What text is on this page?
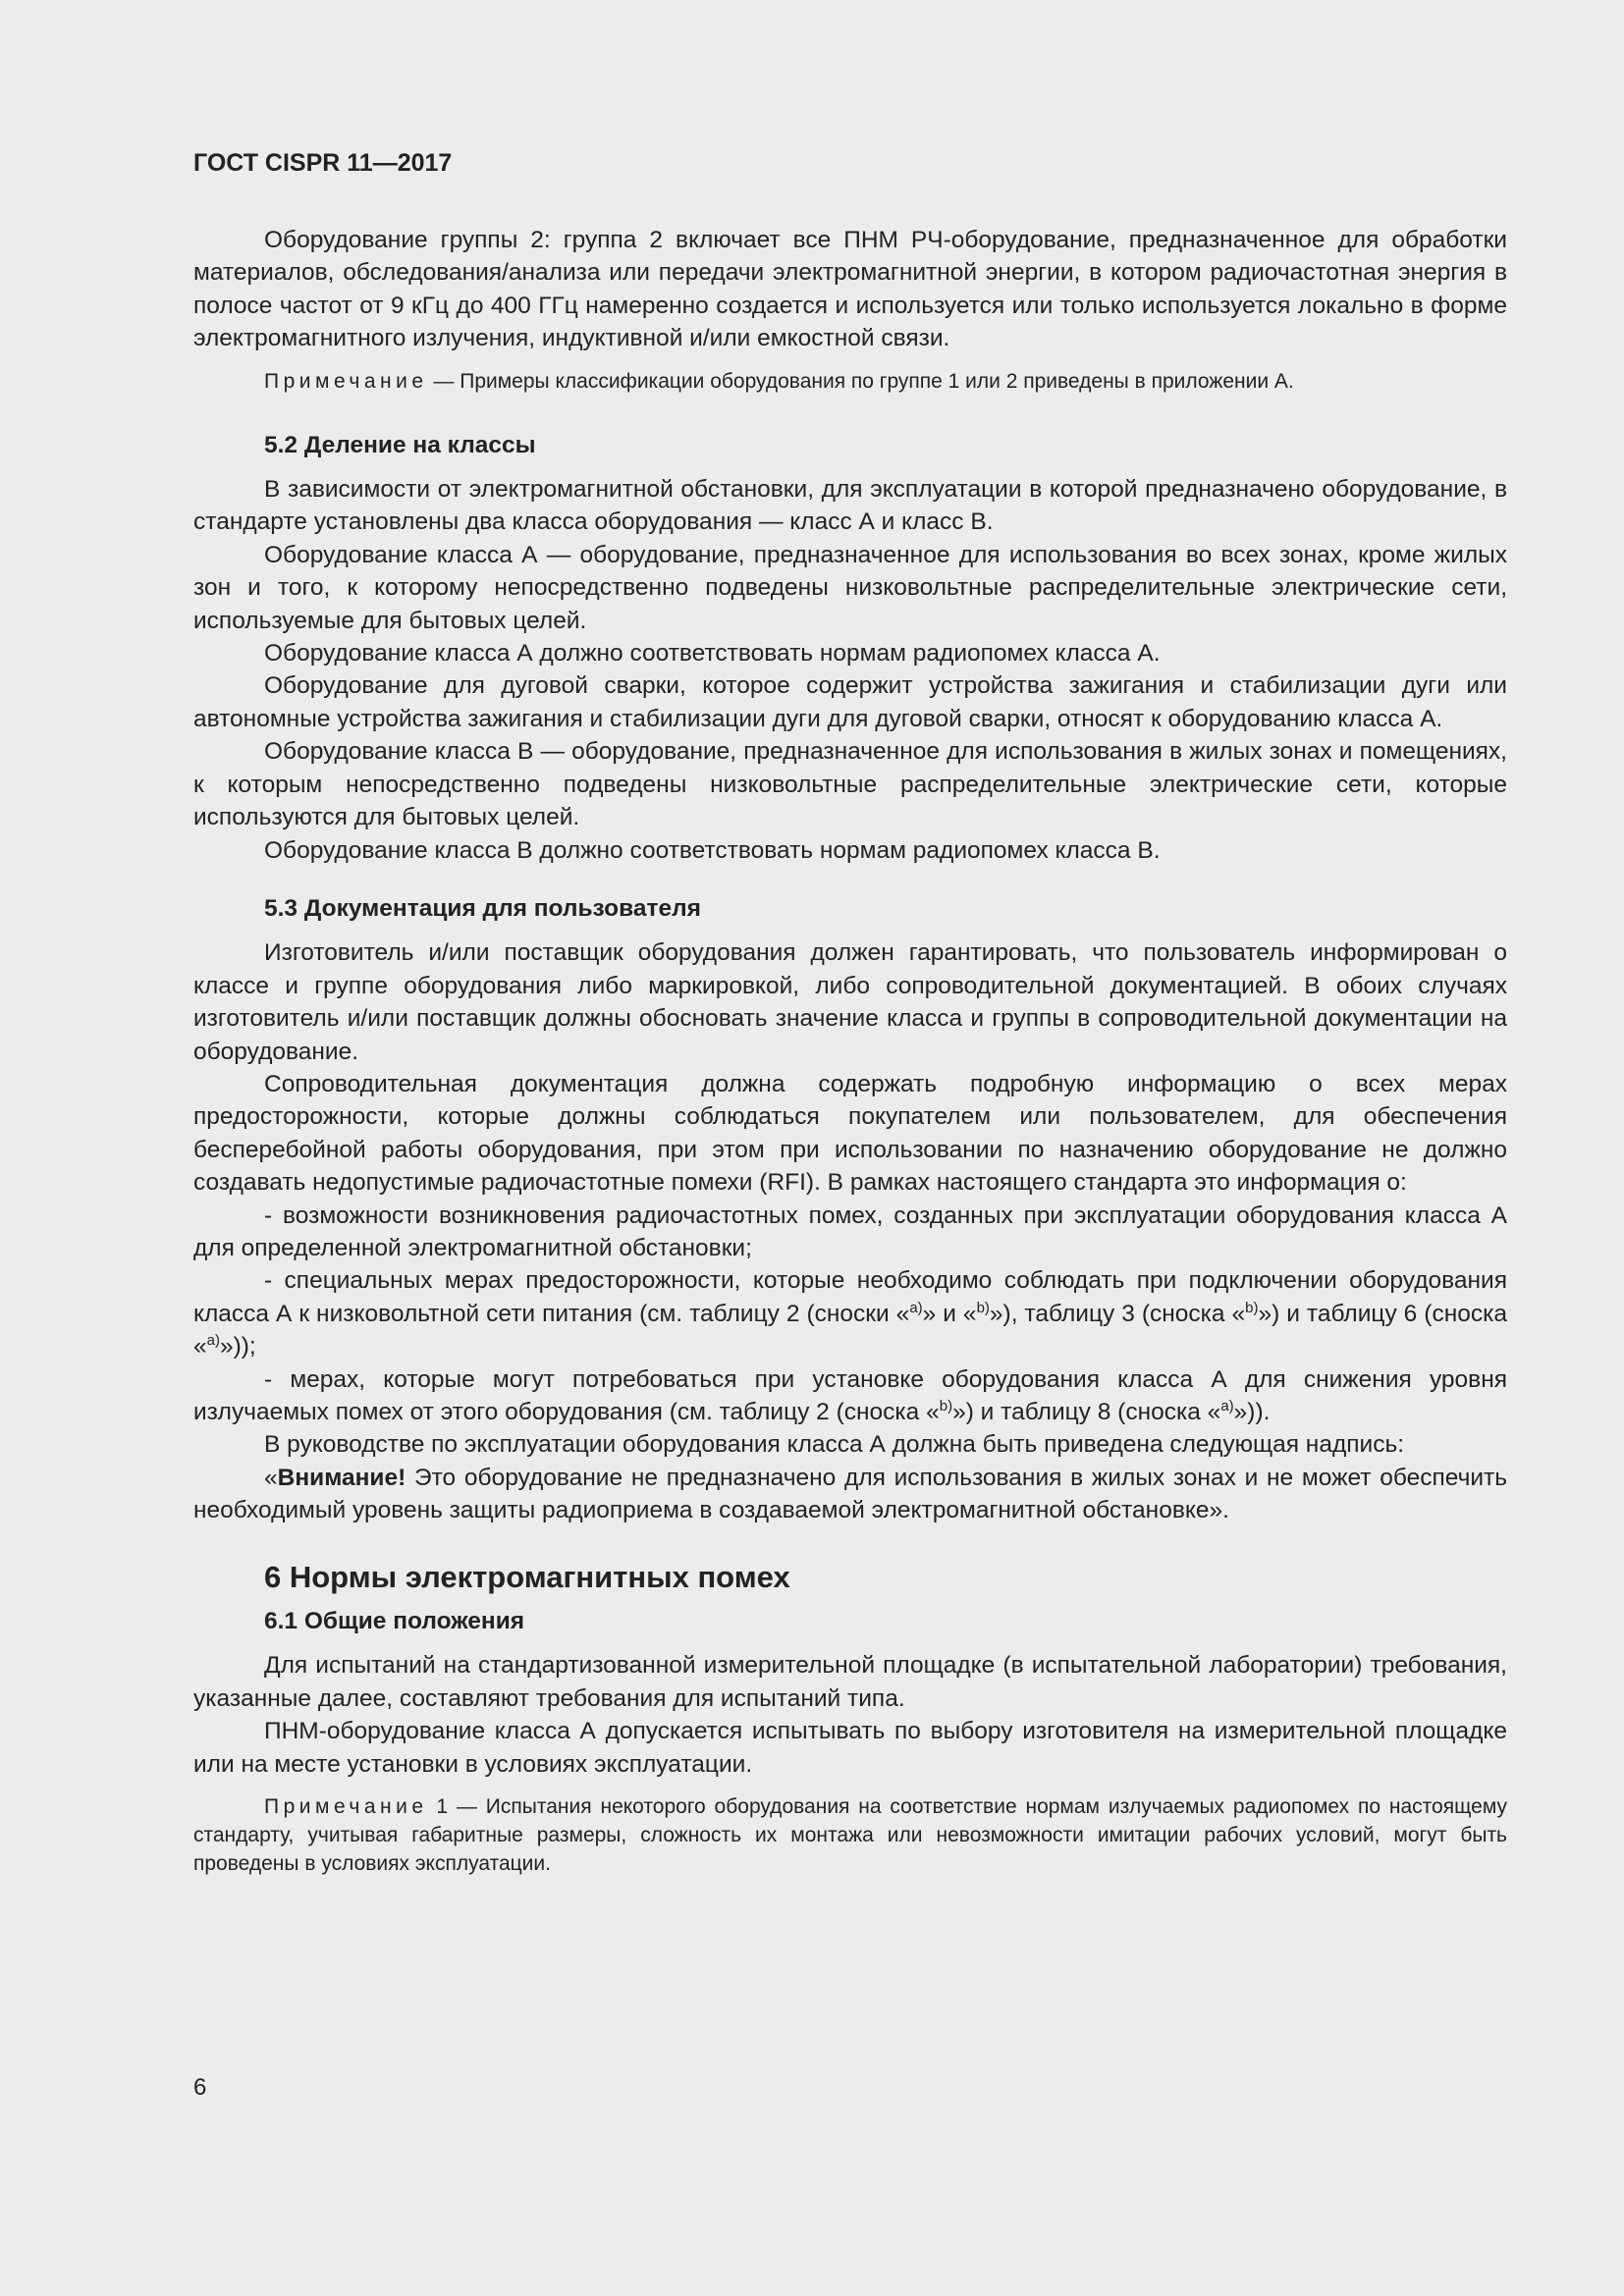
ГОСТ CISPR 11—2017

Оборудование группы 2: группа 2 включает все ПНМ РЧ-оборудование, предназначенное для обработки материалов, обследования/анализа или передачи электромагнитной энергии, в котором радиочастотная энергия в полосе частот от 9 кГц до 400 ГГц намеренно создается и используется или только используется локально в форме электромагнитного излучения, индуктивной и/или емкостной связи.

Примечание — Примеры классификации оборудования по группе 1 или 2 приведены в приложении А.

5.2 Деление на классы

В зависимости от электромагнитной обстановки, для эксплуатации в которой предназначено оборудование, в стандарте установлены два класса оборудования — класс А и класс В.

Оборудование класса А — оборудование, предназначенное для использования во всех зонах, кроме жилых зон и того, к которому непосредственно подведены низковольтные распределительные электрические сети, используемые для бытовых целей.

Оборудование класса А должно соответствовать нормам радиопомех класса А.

Оборудование для дуговой сварки, которое содержит устройства зажигания и стабилизации дуги или автономные устройства зажигания и стабилизации дуги для дуговой сварки, относят к оборудованию класса А.

Оборудование класса В — оборудование, предназначенное для использования в жилых зонах и помещениях, к которым непосредственно подведены низковольтные распределительные электрические сети, которые используются для бытовых целей.

Оборудование класса В должно соответствовать нормам радиопомех класса В.

5.3 Документация для пользователя

Изготовитель и/или поставщик оборудования должен гарантировать, что пользователь информирован о классе и группе оборудования либо маркировкой, либо сопроводительной документацией. В обоих случаях изготовитель и/или поставщик должны обосновать значение класса и группы в сопроводительной документации на оборудование.

Сопроводительная документация должна содержать подробную информацию о всех мерах предосторожности, которые должны соблюдаться покупателем или пользователем, для обеспечения бесперебойной работы оборудования, при этом при использовании по назначению оборудование не должно создавать недопустимые радиочастотные помехи (RFI). В рамках настоящего стандарта это информация о:

- возможности возникновения радиочастотных помех, созданных при эксплуатации оборудования класса А для определенной электромагнитной обстановки;

- специальных мерах предосторожности, которые необходимо соблюдать при подключении оборудования класса А к низковольтной сети питания (см. таблицу 2 (сноски «$^{а)}$» и «$^{b)}$»), таблицу 3 (сноска «$^{b)}$») и таблицу 6 (сноска «$^{а)}$»));

- мерах, которые могут потребоваться при установке оборудования класса А для снижения уровня излучаемых помех от этого оборудования (см. таблицу 2 (сноска «$^{b)}$») и таблицу 8 (сноска «$^{а)}$»)).

В руководстве по эксплуатации оборудования класса А должна быть приведена следующая надпись:

«Внимание! Это оборудование не предназначено для использования в жилых зонах и не может обеспечить необходимый уровень защиты радиоприема в создаваемой электромагнитной обстановке».

6 Нормы электромагнитных помех

6.1 Общие положения

Для испытаний на стандартизованной измерительной площадке (в испытательной лаборатории) требования, указанные далее, составляют требования для испытаний типа.

ПНМ-оборудование класса А допускается испытывать по выбору изготовителя на измерительной площадке или на месте установки в условиях эксплуатации.

Примечание 1 — Испытания некоторого оборудования на соответствие нормам излучаемых радиопомех по настоящему стандарту, учитывая габаритные размеры, сложность их монтажа или невозможности имитации рабочих условий, могут быть проведены в условиях эксплуатации.

6
